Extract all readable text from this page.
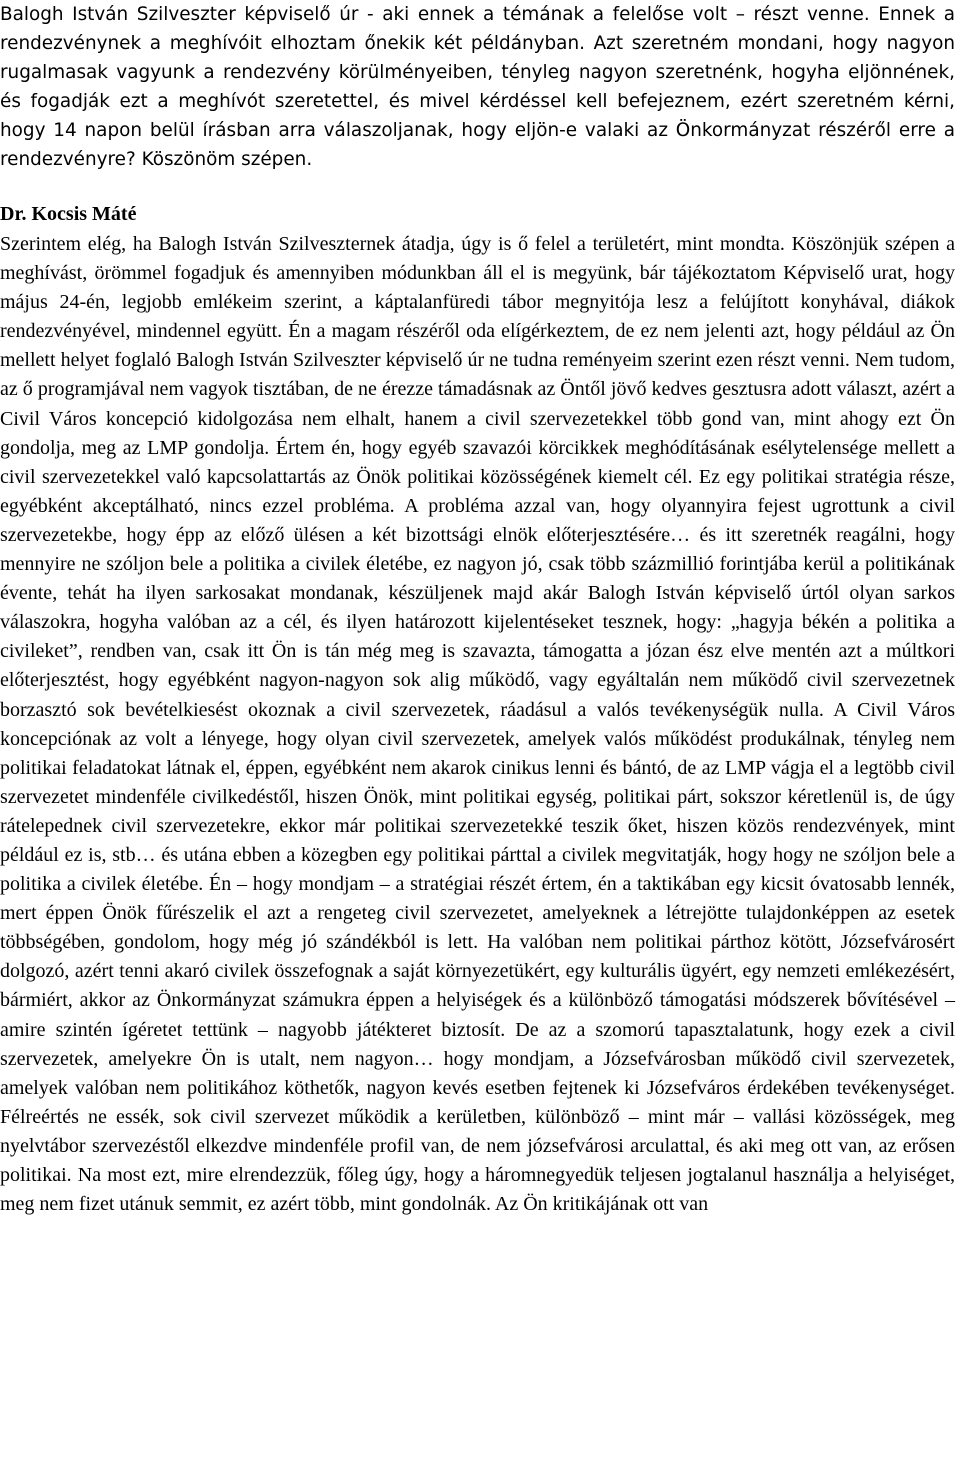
Balogh István Szilveszter képviselő úr - aki ennek a témának a felelőse volt – részt venne. Ennek a rendezvénynek a meghívóit elhoztam őnekik két példányban. Azt szeretném mondani, hogy nagyon rugalmasak vagyunk a rendezvény körülményeiben, tényleg nagyon szeretnénk, hogyha eljönnének, és fogadják ezt a meghívót szeretettel, és mivel kérdéssel kell befejeznem, ezért szeretném kérni, hogy 14 napon belül írásban arra válaszoljanak, hogy eljön-e valaki az Önkormányzat részéről erre a rendezvényre? Köszönöm szépen.

Dr. Kocsis Máté

Szerintem elég, ha Balogh István Szilveszternek átadja, úgy is ő felel a területért, mint mondta. Köszönjük szépen a meghívást, örömmel fogadjuk és amennyiben módunkban áll el is megyünk, bár tájékoztatom Képviselő urat, hogy május 24-én, legjobb emlékeim szerint, a káptalanfüredi tábor megnyitója lesz a felújított konyhával, diákok rendezvényével, mindennel együtt. Én a magam részéről oda elígérkeztem, de ez nem jelenti azt, hogy például az Ön mellett helyet foglaló Balogh István Szilveszter képviselő úr ne tudna reményeim szerint ezen részt venni. Nem tudom, az ő programjával nem vagyok tisztában, de ne érezze támadásnak az Öntől jövő kedves gesztusra adott választ, azért a Civil Város koncepció kidolgozása nem elhalt, hanem a civil szervezetekkel több gond van, mint ahogy ezt Ön gondolja, meg az LMP gondolja. Értem én, hogy egyéb szavazói körcikkek meghódításának esélytelensége mellett a civil szervezetekkel való kapcsolattartás az Önök politikai közösségének kiemelt cél. Ez egy politikai stratégia része, egyébként akceptálható, nincs ezzel probléma. A probléma azzal van, hogy olyannyira fejest ugrottunk a civil szervezetekbe, hogy épp az előző ülésen a két bizottsági elnök előterjesztésére… és itt szeretnék reagálni, hogy mennyire ne szóljon bele a politika a civilek életébe, ez nagyon jó, csak több százmillió forintjába kerül a politikának évente, tehát ha ilyen sarkosakat mondanak, készüljenek majd akár Balogh István képviselő úrtól olyan sarkos válaszokra, hogyha valóban az a cél, és ilyen határozott kijelentéseket tesznek, hogy: „hagyja békén a politika a civileket”, rendben van, csak itt Ön is tán még meg is szavazta, támogatta a józan ész elve mentén azt a múltkori előterjesztést, hogy egyébként nagyon-nagyon sok alig működő, vagy egyáltalán nem működő civil szervezetnek borzasztó sok bevételkiesést okoznak a civil szervezetek, ráadásul a valós tevékenységük nulla. A Civil Város koncepciónak az volt a lényege, hogy olyan civil szervezetek, amelyek valós működést produkálnak, tényleg nem politikai feladatokat látnak el, éppen, egyébként nem akarok cinikus lenni és bántó, de az LMP vágja el a legtöbb civil szervezetet mindenféle civilkedéstől, hiszen Önök, mint politikai egység, politikai párt, sokszor kéretlenül is, de úgy rátelepednek civil szervezetekre, ekkor már politikai szervezetekké teszik őket, hiszen közös rendezvények, mint például ez is, stb… és utána ebben a közegben egy politikai párttal a civilek megvitatják, hogy hogy ne szóljon bele a politika a civilek életébe. Én – hogy mondjam – a stratégiai részét értem, én a taktikában egy kicsit óvatosabb lennék, mert éppen Önök fűrészelik el azt a rengeteg civil szervezetet, amelyeknek a létrejötte tulajdonképpen az esetek többségében, gondolom, hogy még jó szándékból is lett. Ha valóban nem politikai párthoz kötött, Józsefvárosért dolgozó, azért tenni akaró civilek összefognak a saját környezetükért, egy kulturális ügyért, egy nemzeti emlékezésért, bármiért, akkor az Önkormányzat számukra éppen a helyiségek és a különböző támogatási módszerek bővítésével – amire szintén ígéretet tettünk – nagyobb játékteret biztosít. De az a szomorú tapasztalatunk, hogy ezek a civil szervezetek, amelyekre Ön is utalt, nem nagyon… hogy mondjam, a Józsefvárosban működő civil szervezetek, amelyek valóban nem politikához köthetők, nagyon kevés esetben fejtenek ki Józsefváros érdekében tevékenységet. Félreértés ne essék, sok civil szervezet működik a kerületben, különböző – mint már – vallási közösségek, meg nyelvtábor szervezéstől elkezdve mindenféle profil van, de nem józsefvárosi arculattal, és aki meg ott van, az erősen politikai. Na most ezt, mire elrendezzük, főleg úgy, hogy a háromnegyedük teljesen jogtalanul használja a helyiséget, meg nem fizet utánuk semmit, ez azért több, mint gondolnák. Az Ön kritikájának ott van
